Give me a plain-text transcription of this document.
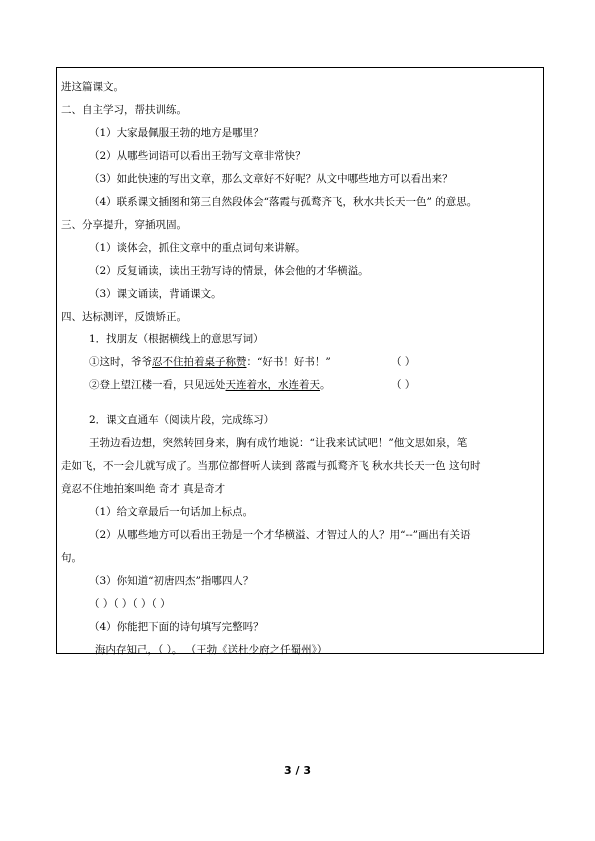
进这篇课文。
二、自主学习，帮扶训练。
（1）大家最佩服王勃的地方是哪里？
（2）从哪些词语可以看出王勃写文章非常快？
（3）如此快速的写出文章，那么文章好不好呢？从文中哪些地方可以看出来？
（4）联系课文插图和第三自然段体会“落霞与孤鹜齐飞，秋水共长天一色” 的意思。
三、分享提升，穿插巩固。
（1）谈体会，抓住文章中的重点词句来讲解。
（2）反复诵读，读出王勃写诗的情景，体会他的才华横溢。
（3）课文诵读，背诵课文。
四、达标测评，反馈矫正。
1．找朋友（根据横线上的意思写词）
①这时，爷爷忍不住拍着桌子称赞：“好书！好书！”	（ ）
②登上望江楼一看，只见远处天连着水，水连着天。	（ ）
2．课文直通车（阅读片段，完成练习）
王勃边看边想，突然转回身来，胸有成竹地说：“让我来试试吧！”他文思如泉，笔
走如飞，不一会儿就写成了。当那位都督听人读到 落霞与孤鹜齐飞 秋水共长天一色 这句时
竟忍不住地拍案叫绝 奇才 真是奇才
（1）给文章最后一句话加上标点。
（2）从哪些地方可以看出王勃是一个才华横溢、才智过人的人？用“--”画出有关语
句。
（3）你知道“初唐四杰”指哪四人？
（ ）（ ）（ ）（ ）
（4）你能把下面的诗句填写完整吗？
海内存知己，（ ）。 （王勃《送杜少府之任蜀州》）
3 / 3
